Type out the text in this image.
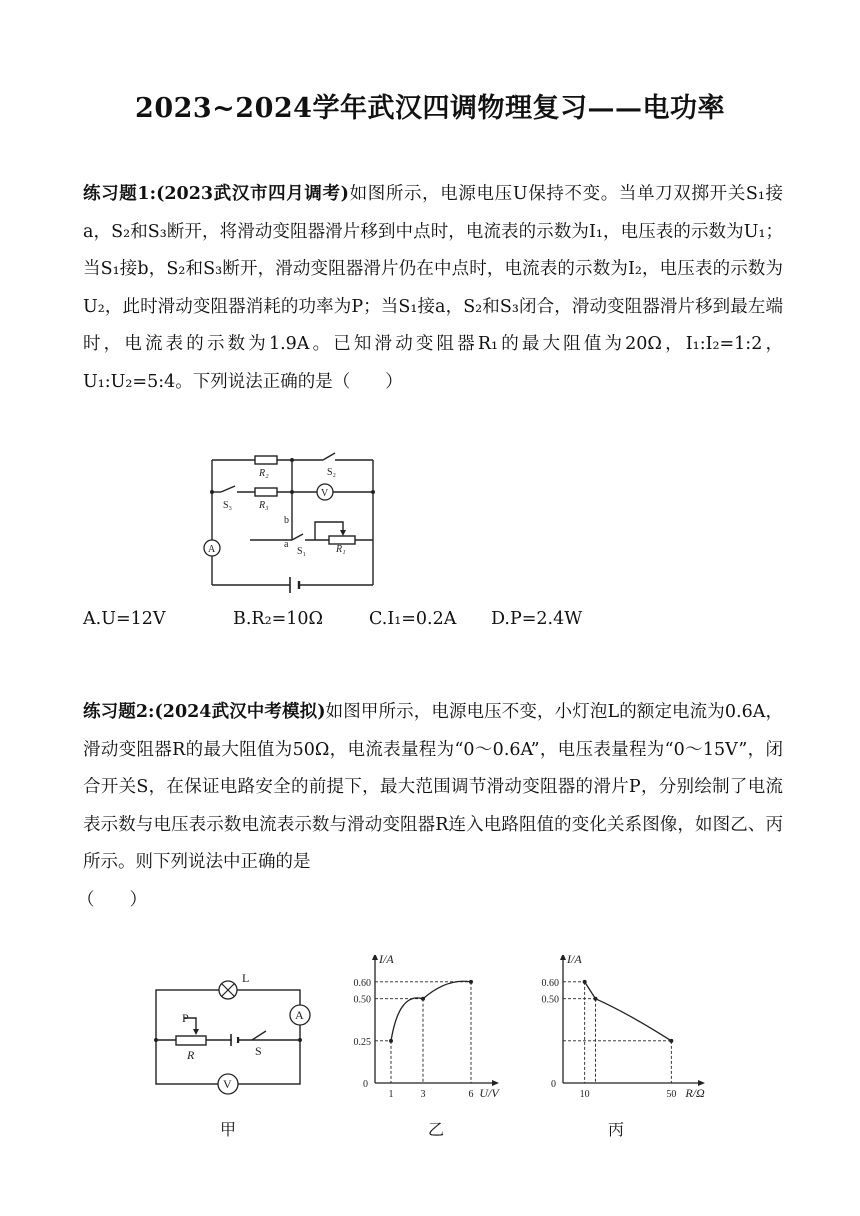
2023~2024学年武汉四调物理复习——电功率
练习题1:(2023武汉市四月调考)如图所示，电源电压U保持不变。当单刀双掷开关S₁接a，S₂和S₃断开，将滑动变阻器滑片移到中点时，电流表的示数为I₁，电压表的示数为U₁；当S₁接b，S₂和S₃断开，滑动变阻器滑片仍在中点时，电流表的示数为I₂，电压表的示数为U₂，此时滑动变阻器消耗的功率为P；当S₁接a，S₂和S₃闭合，滑动变阻器滑片移到最左端时，电流表的示数为1.9A。已知滑动变阻器R₁的最大阻值为20Ω，I₁:I₂=1:2，U₁:U₂=5:4。下列说法正确的是（　　）
A
V
R₂
R₃
R₁
S₂
S₃
S₁
b
a
A.U=12V	B.R₂=10Ω	C.I₁=0.2A D.P=2.4W
练习题2:(2024武汉中考模拟)如图甲所示，电源电压不变，小灯泡L的额定电流为0.6A，滑动变阻器R的最大阻值为50Ω，电流表量程为“0～0.6A”，电压表量程为“0～15V”，闭合开关S，在保证电路安全的前提下，最大范围调节滑动变阻器的滑片P，分别绘制了电流表示数与电压表示数电流表示数与滑动变阻器R连入电路阻值的变化关系图像，如图乙、丙所示。则下列说法中正确的是
（　　）
L
P
R	S
A
V
I/A
U/V
0
0.25
0.50
0.60
1	3	6
I/A
R/Ω
0
0.50
0.60
10	50
甲	乙	丙
